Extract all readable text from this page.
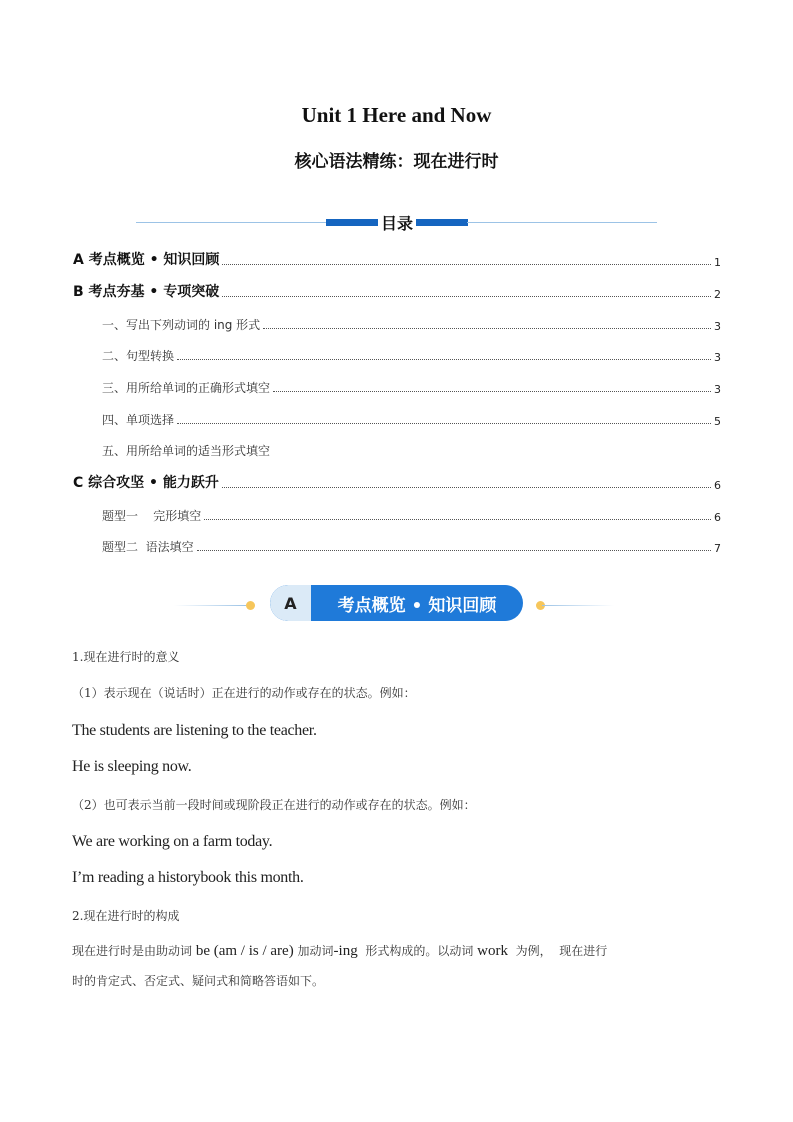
Unit 1 Here and Now
核心语法精练：现在进行时
目录
A 考点概览 • 知识回顾	1
B 考点夯基 • 专项突破	2
一、写出下列动词的 ing 形式	3
二、句型转换	3
三、用所给单词的正确形式填空	3
四、单项选择	5
五、用所给单词的适当形式填空
C 综合攻坚 • 能力跃升	6
题型一    完形填空	6
题型二  语法填空	7
A	考点概览 • 知识回顾
1.现在进行时的意义
（1）表示现在（说话时）正在进行的动作或存在的状态。例如：
The students are listening to the teacher.
He is sleeping now.
（2）也可表示当前一段时间或现阶段正在进行的动作或存在的状态。例如：
We are working on a farm today.
I’m reading a historybook this month.
2.现在进行时的构成
现在进行时是由助动词 be (am / is / are) 加动词-ing  形式构成的。以动词 work  为例，  现在进行
时的肯定式、否定式、疑问式和简略答语如下。
